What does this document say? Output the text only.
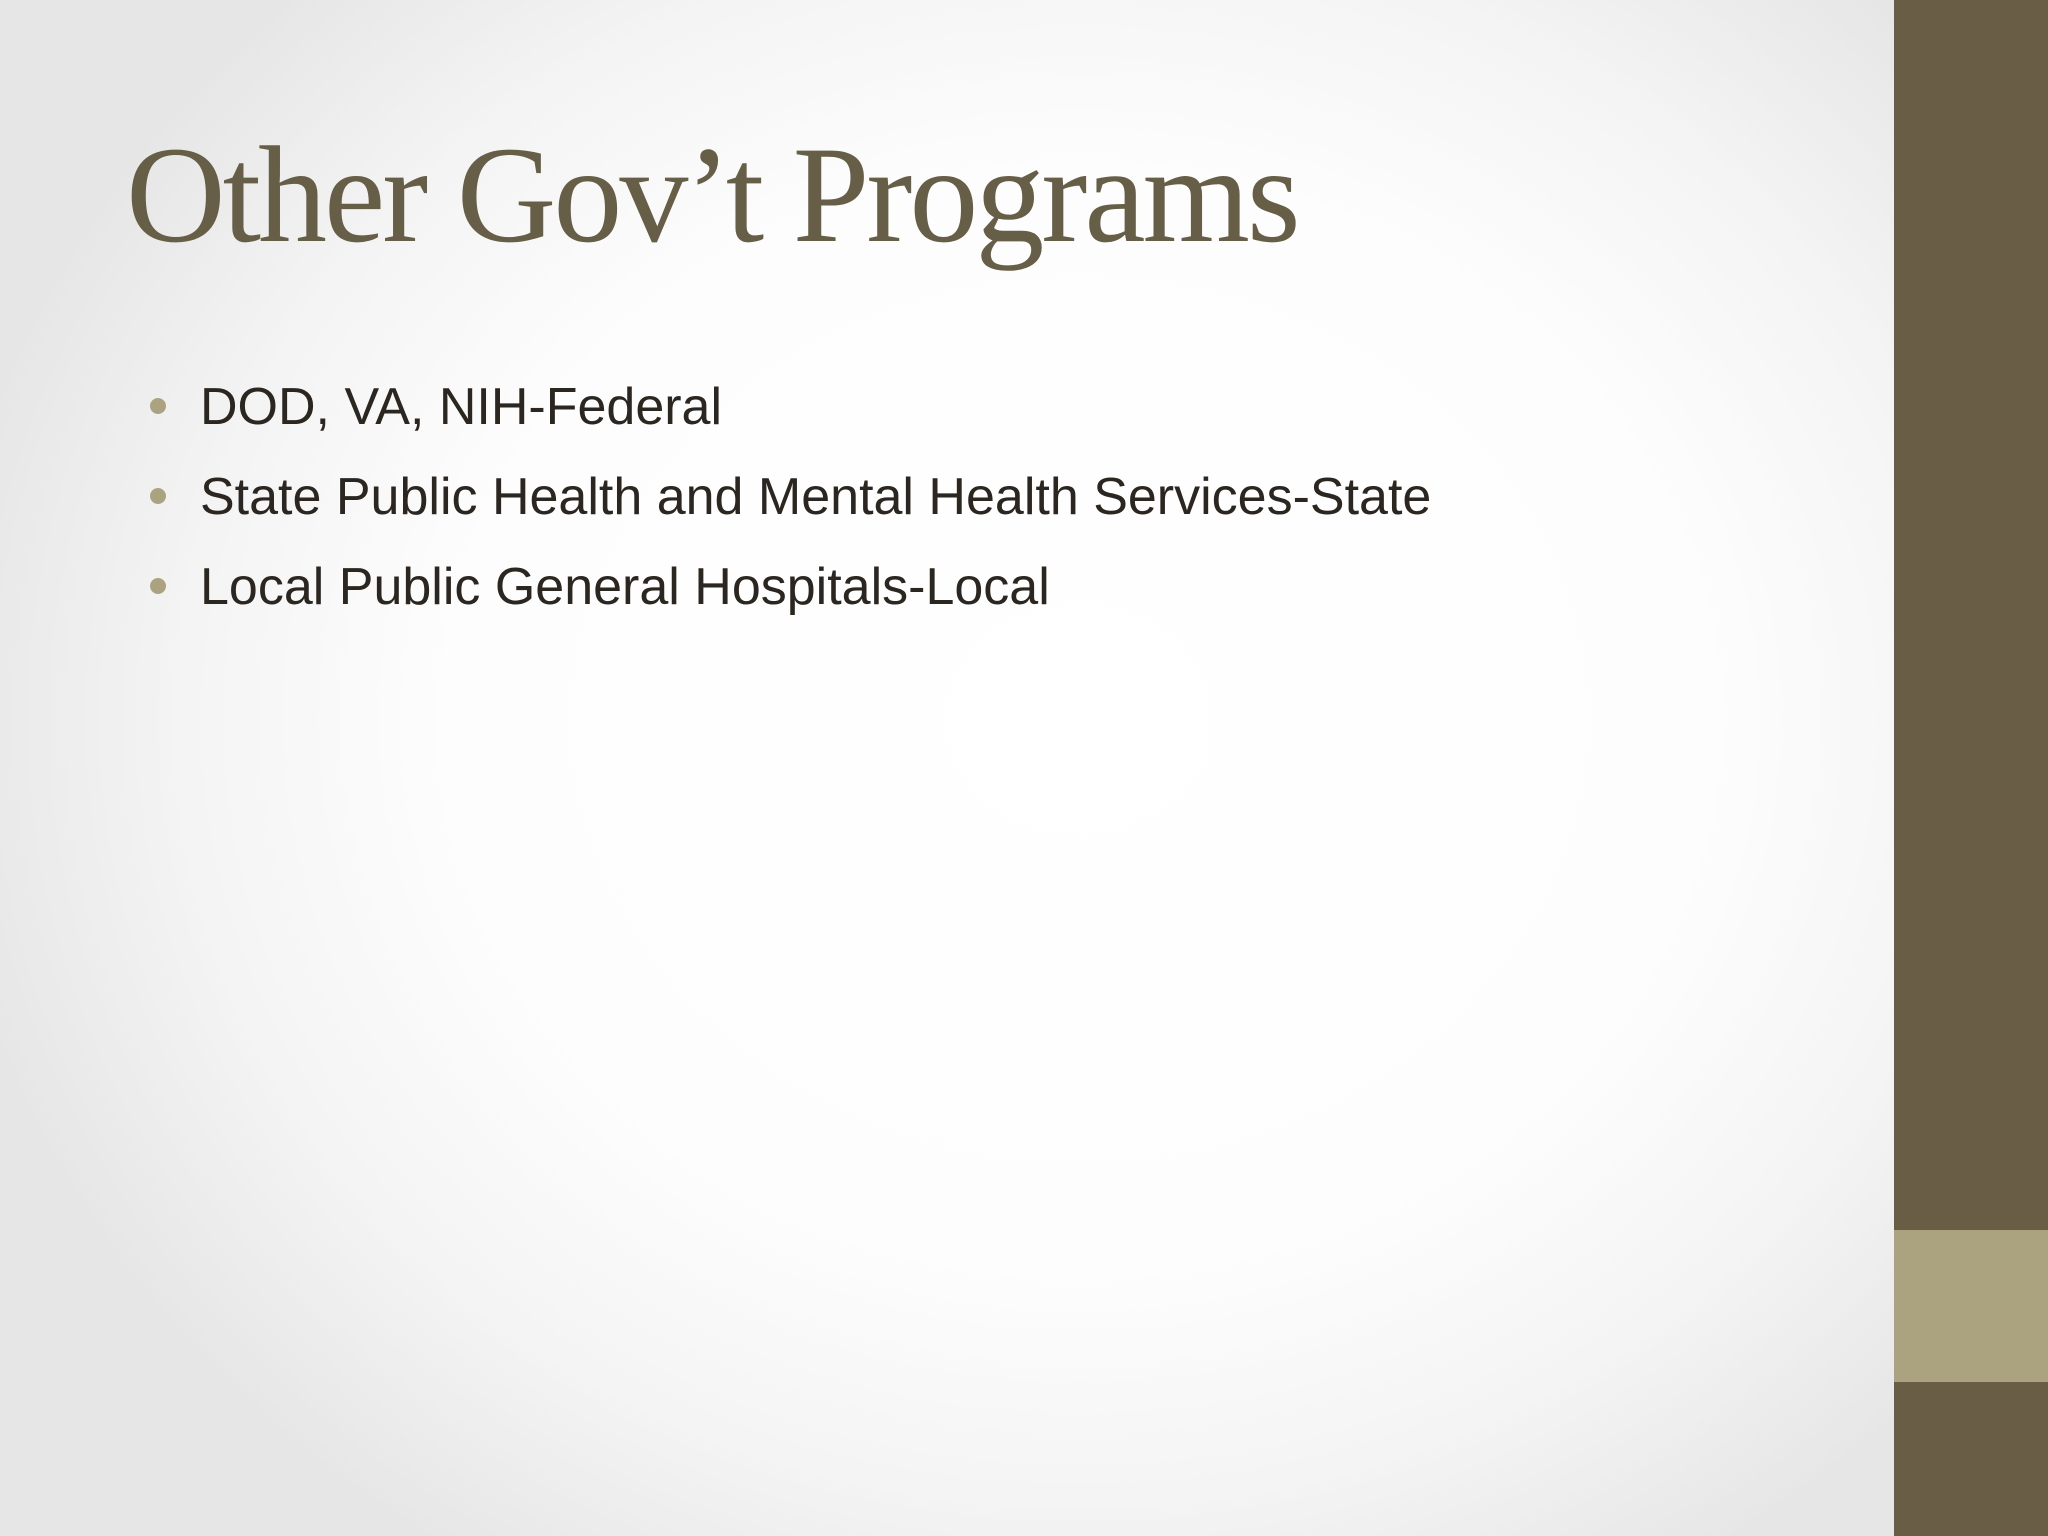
Other Gov’t Programs
DOD, VA, NIH-Federal
State Public Health and Mental Health Services-State
Local Public General Hospitals-Local
